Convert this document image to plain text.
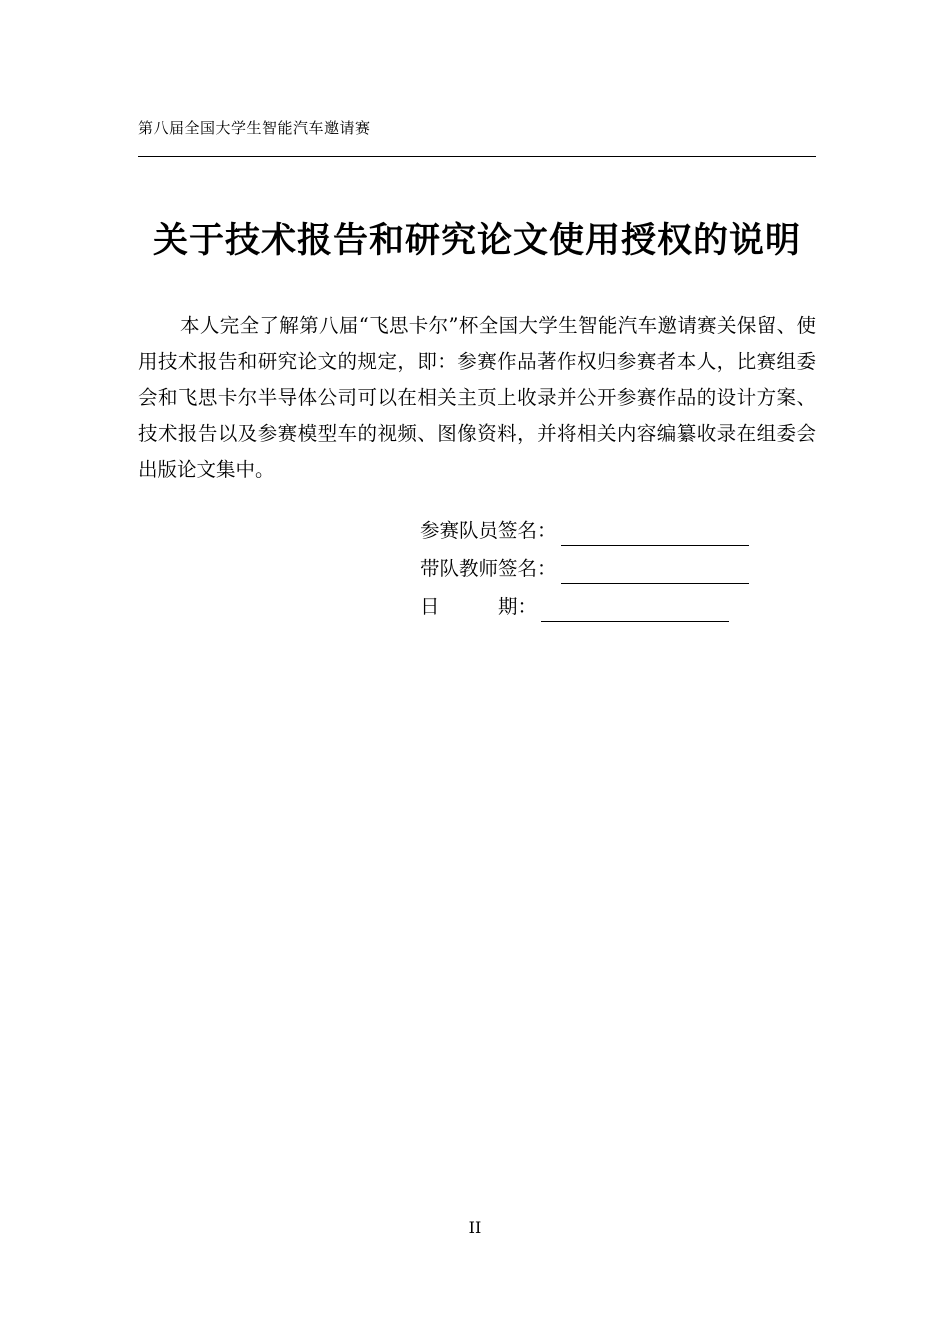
第八届全国大学生智能汽车邀请赛
关于技术报告和研究论文使用授权的说明
本人完全了解第八届“飞思卡尔”杯全国大学生智能汽车邀请赛关保留、使用技术报告和研究论文的规定，即：参赛作品著作权归参赛者本人，比赛组委会和飞思卡尔半导体公司可以在相关主页上收录并公开参赛作品的设计方案、技术报告以及参赛模型车的视频、图像资料，并将相关内容编纂收录在组委会出版论文集中。
参赛队员签名：
带队教师签名：
日　　　期：
II
